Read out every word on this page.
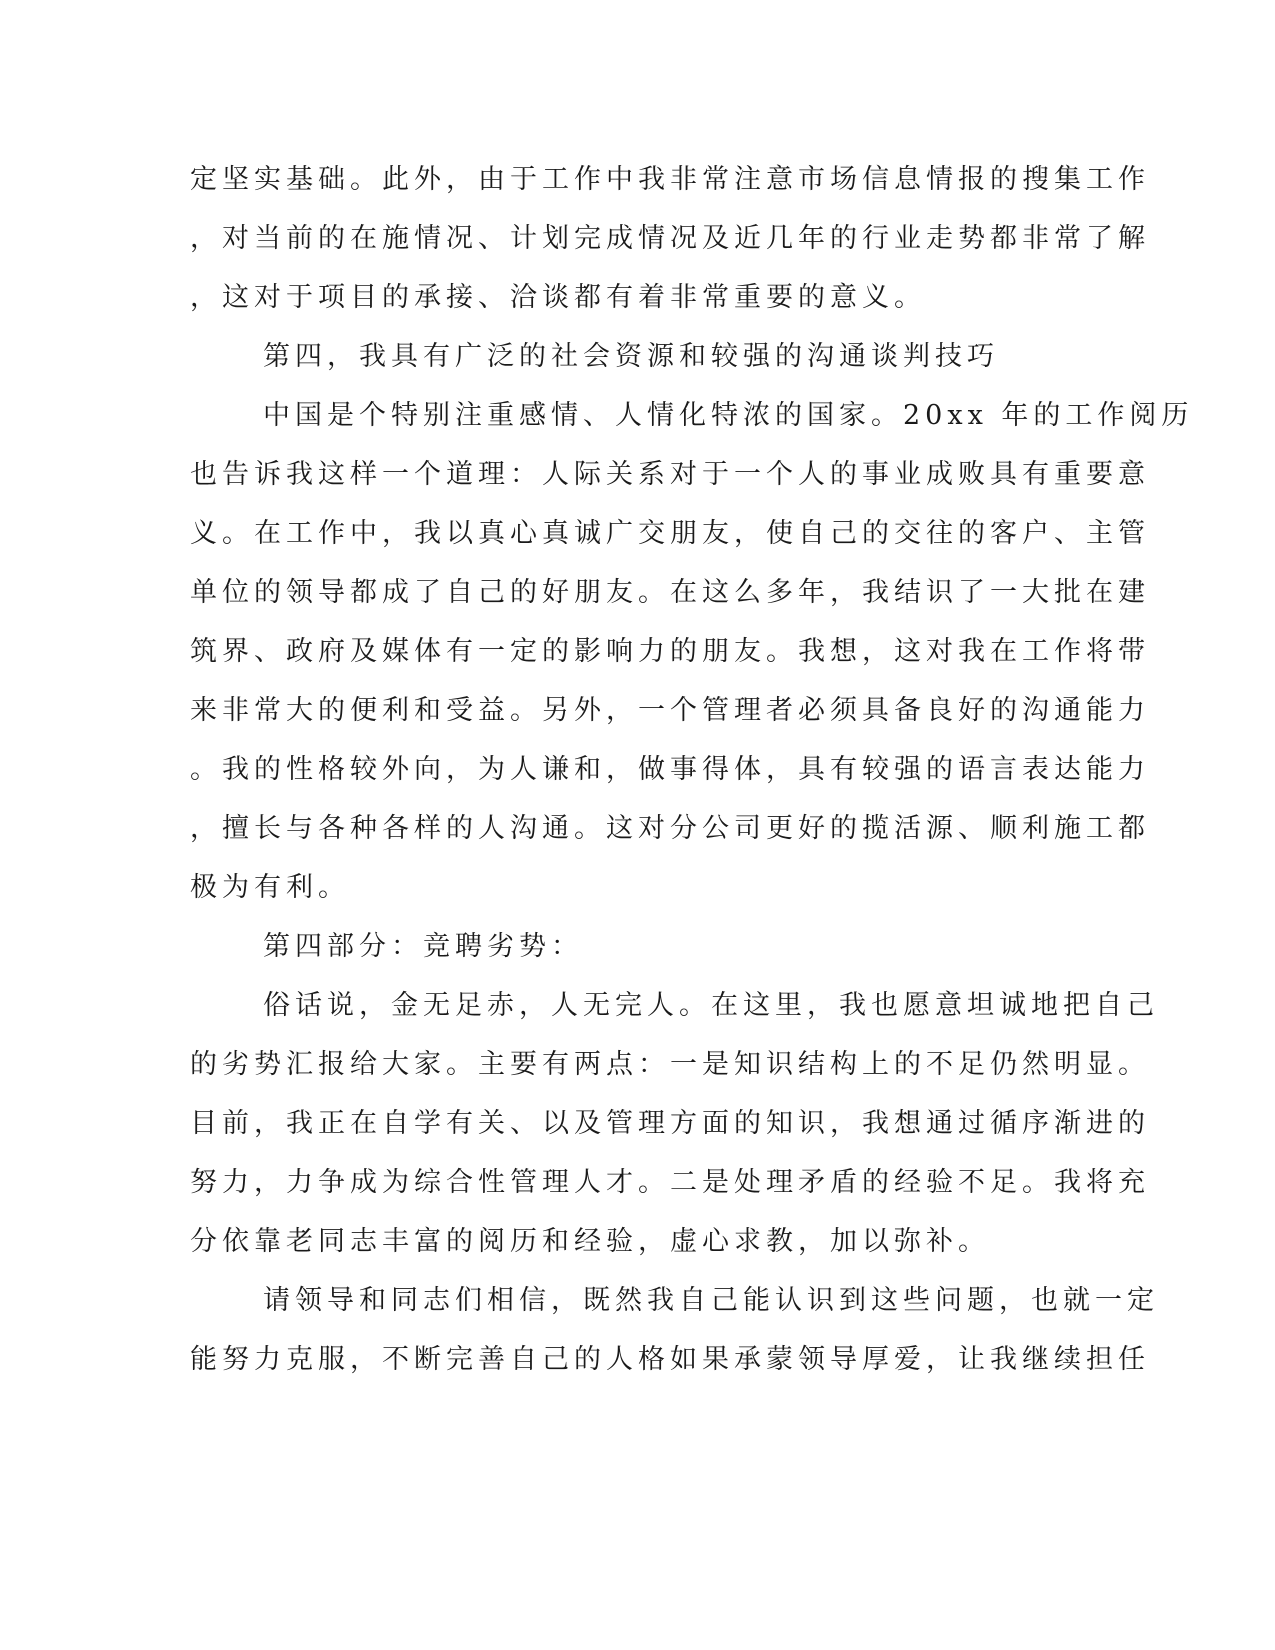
定坚实基础。此外，由于工作中我非常注意市场信息情报的搜集工作
，对当前的在施情况、计划完成情况及近几年的行业走势都非常了解
，这对于项目的承接、洽谈都有着非常重要的意义。
第四，我具有广泛的社会资源和较强的沟通谈判技巧
中国是个特别注重感情、人情化特浓的国家。20xx 年的工作阅历
也告诉我这样一个道理：人际关系对于一个人的事业成败具有重要意
义。在工作中，我以真心真诚广交朋友，使自己的交往的客户、主管
单位的领导都成了自己的好朋友。在这么多年，我结识了一大批在建
筑界、政府及媒体有一定的影响力的朋友。我想，这对我在工作将带
来非常大的便利和受益。另外，一个管理者必须具备良好的沟通能力
。我的性格较外向，为人谦和，做事得体，具有较强的语言表达能力
，擅长与各种各样的人沟通。这对分公司更好的揽活源、顺利施工都
极为有利。
第四部分：竞聘劣势：
俗话说，金无足赤，人无完人。在这里，我也愿意坦诚地把自己
的劣势汇报给大家。主要有两点：一是知识结构上的不足仍然明显。
目前，我正在自学有关、以及管理方面的知识，我想通过循序渐进的
努力，力争成为综合性管理人才。二是处理矛盾的经验不足。我将充
分依靠老同志丰富的阅历和经验，虚心求教，加以弥补。
请领导和同志们相信，既然我自己能认识到这些问题，也就一定
能努力克服，不断完善自己的人格如果承蒙领导厚爱，让我继续担任
